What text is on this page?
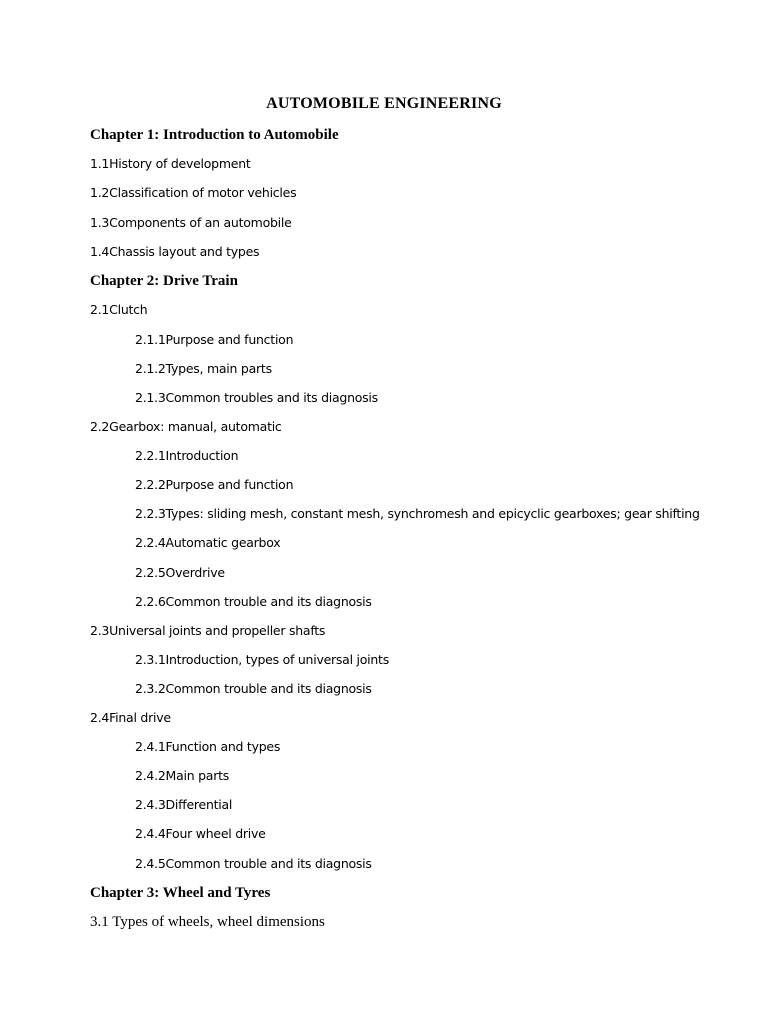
AUTOMOBILE ENGINEERING
Chapter 1: Introduction to Automobile
1.1History of development
1.2Classification of motor vehicles
1.3Components of an automobile
1.4Chassis layout and types
Chapter 2: Drive Train
2.1Clutch
2.1.1Purpose and function
2.1.2Types, main parts
2.1.3Common troubles and its diagnosis
2.2Gearbox: manual, automatic
2.2.1Introduction
2.2.2Purpose and function
2.2.3Types: sliding mesh, constant mesh, synchromesh and epicyclic gearboxes; gear shifting
2.2.4Automatic gearbox
2.2.5Overdrive
2.2.6Common trouble and its diagnosis
2.3Universal joints and propeller shafts
2.3.1Introduction, types of universal joints
2.3.2Common trouble and its diagnosis
2.4Final drive
2.4.1Function and types
2.4.2Main parts
2.4.3Differential
2.4.4Four wheel drive
2.4.5Common trouble and its diagnosis
Chapter 3: Wheel and Tyres
3.1 Types of wheels, wheel dimensions
